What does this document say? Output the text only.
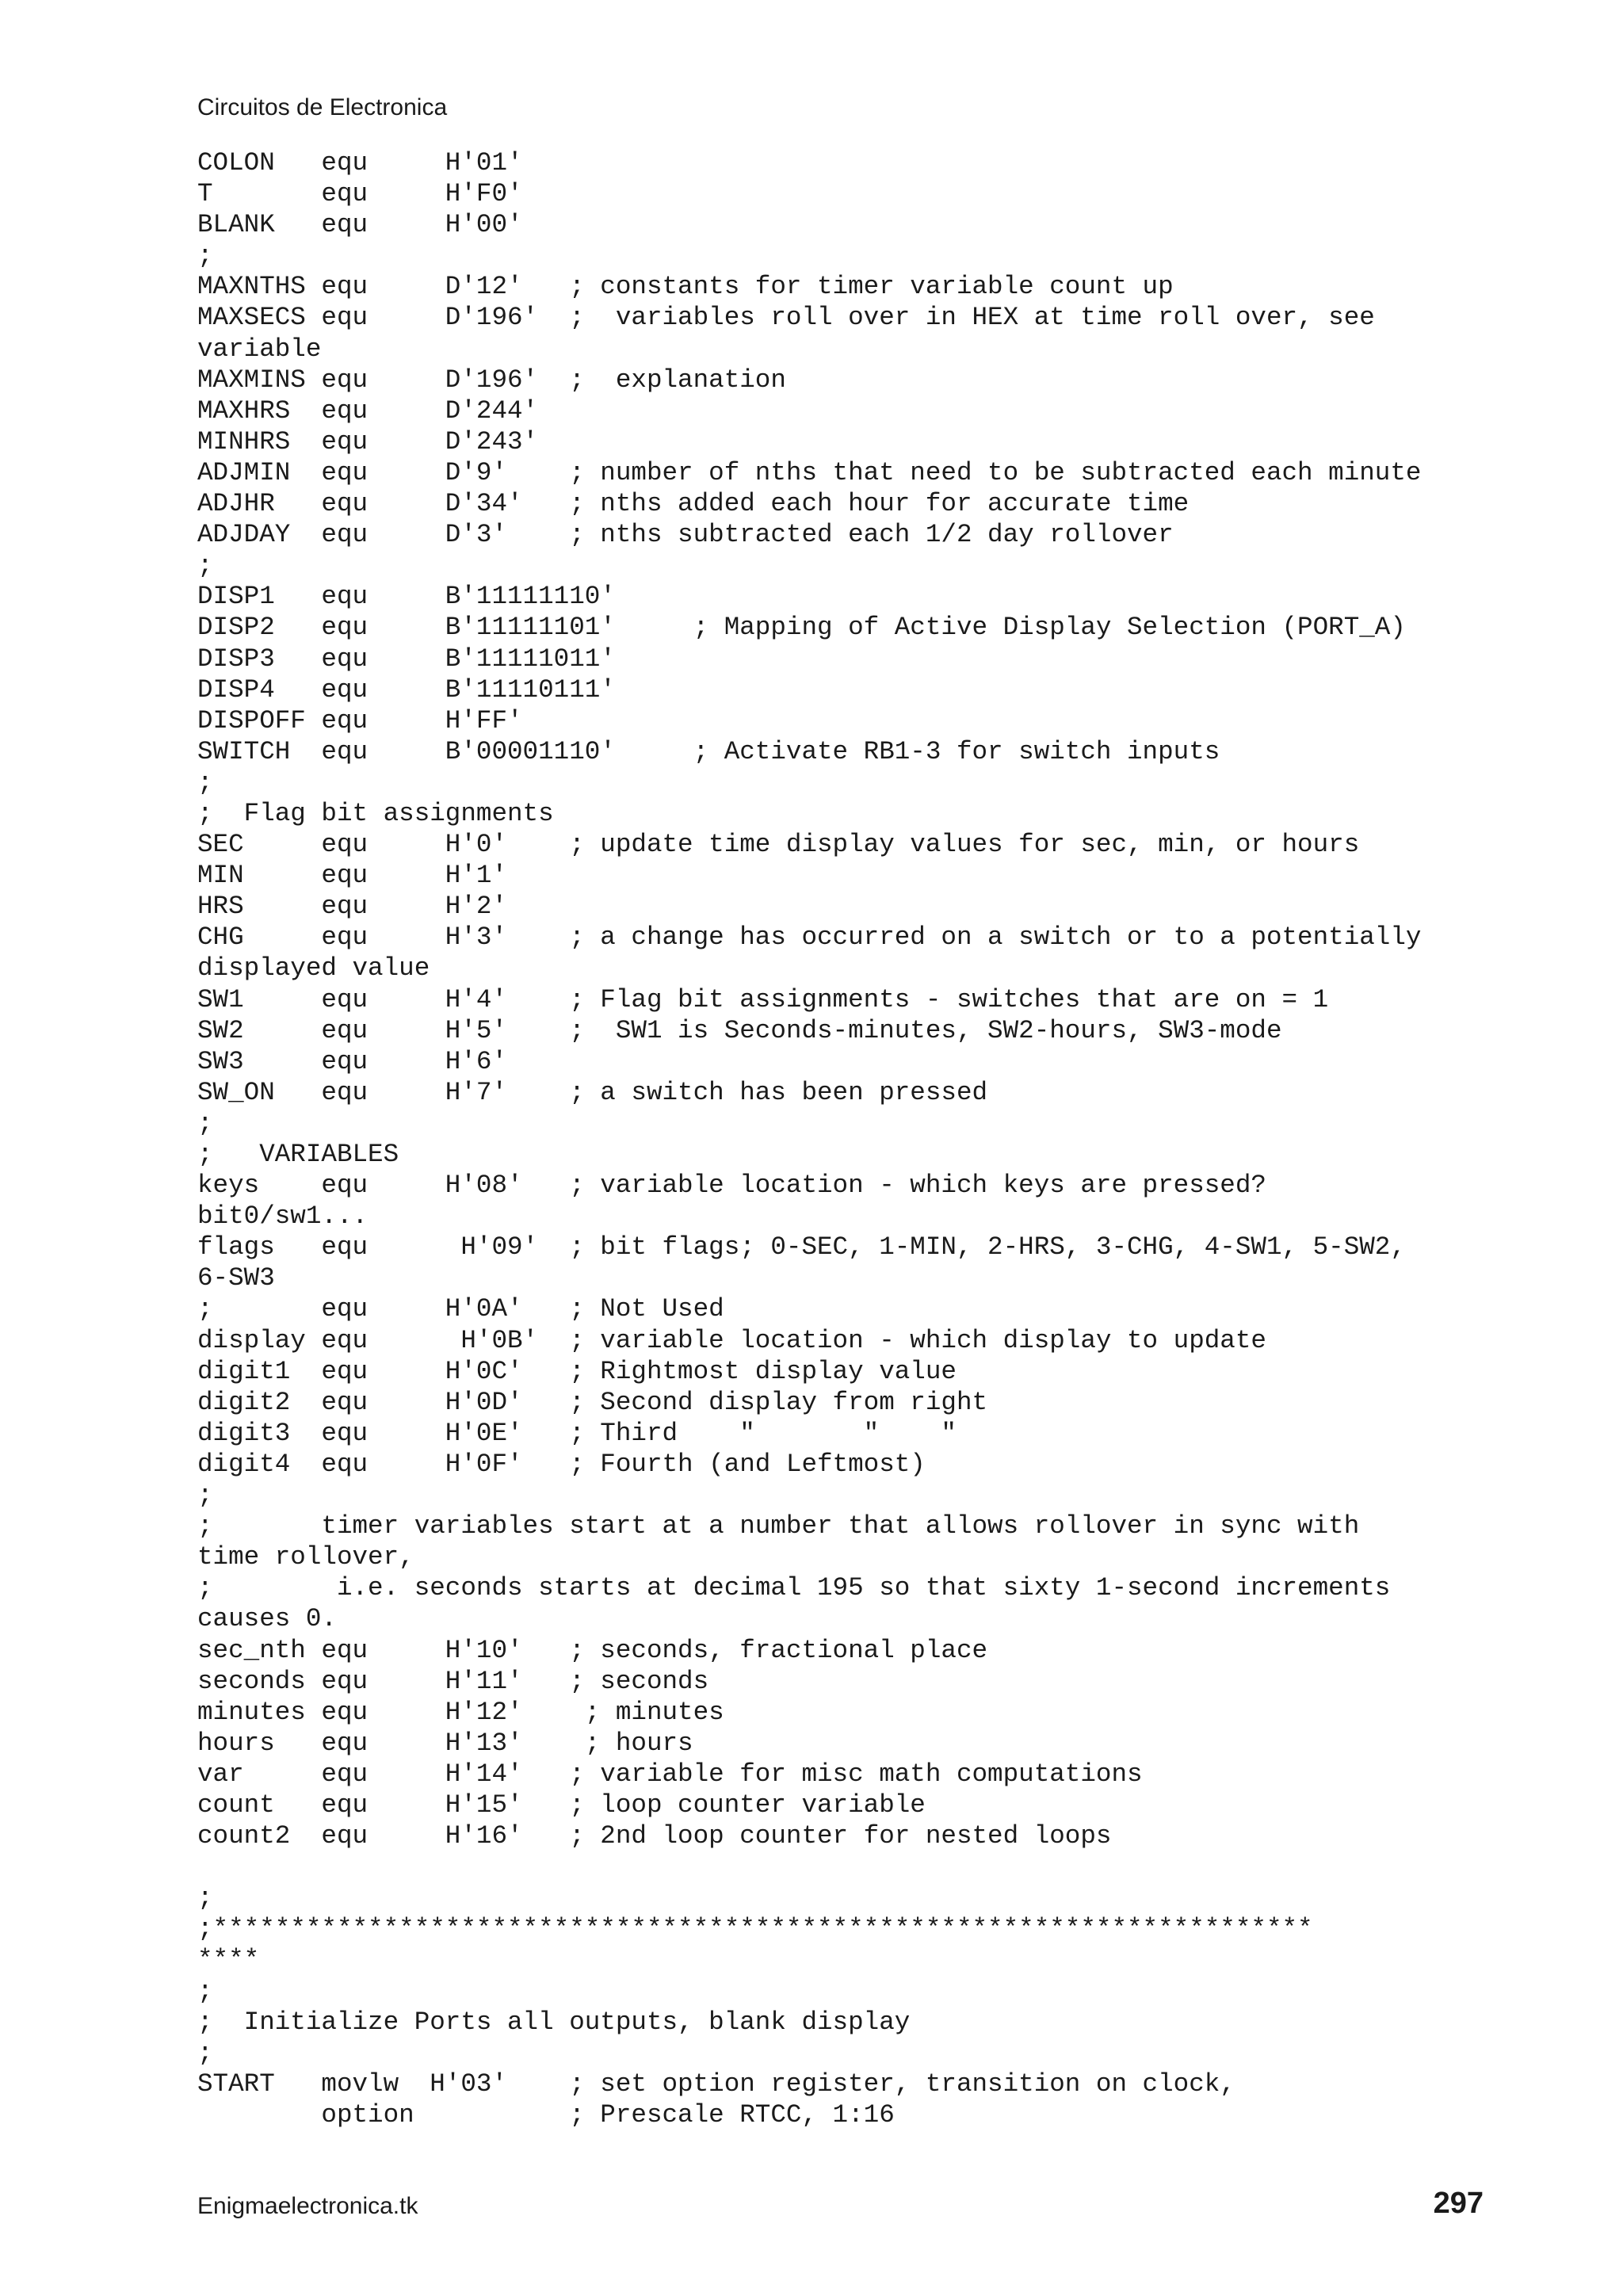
Circuitos de Electronica
COLON   equ     H'01'
T       equ     H'F0'
BLANK   equ     H'00'
;
MAXNTHS equ     D'12'   ; constants for timer variable count up
MAXSECS equ     D'196'  ;  variables roll over in HEX at time roll over, see
variable
MAXMINS equ     D'196'  ;  explanation
MAXHRS  equ     D'244'
MINHRS  equ     D'243'
ADJMIN  equ     D'9'    ; number of nths that need to be subtracted each minute
ADJHR   equ     D'34'   ; nths added each hour for accurate time
ADJDAY  equ     D'3'    ; nths subtracted each 1/2 day rollover
;
DISP1   equ     B'11111110'
DISP2   equ     B'11111101'     ; Mapping of Active Display Selection (PORT_A)
DISP3   equ     B'11111011'
DISP4   equ     B'11110111'
DISPOFF equ     H'FF'
SWITCH  equ     B'00001110'     ; Activate RB1-3 for switch inputs
;
;  Flag bit assignments
SEC     equ     H'0'    ; update time display values for sec, min, or hours
MIN     equ     H'1'
HRS     equ     H'2'
CHG     equ     H'3'    ; a change has occurred on a switch or to a potentially
displayed value
SW1     equ     H'4'    ; Flag bit assignments - switches that are on = 1
SW2     equ     H'5'    ;  SW1 is Seconds-minutes, SW2-hours, SW3-mode
SW3     equ     H'6'
SW_ON   equ     H'7'    ; a switch has been pressed
;
;   VARIABLES
keys    equ     H'08'   ; variable location - which keys are pressed?
bit0/sw1...
flags   equ      H'09'  ; bit flags; 0-SEC, 1-MIN, 2-HRS, 3-CHG, 4-SW1, 5-SW2,
6-SW3
;       equ     H'0A'   ; Not Used
display equ      H'0B'  ; variable location - which display to update
digit1  equ     H'0C'   ; Rightmost display value
digit2  equ     H'0D'   ; Second display from right
digit3  equ     H'0E'   ; Third    "       "    "
digit4  equ     H'0F'   ; Fourth (and Leftmost)
;
;       timer variables start at a number that allows rollover in sync with
time rollover,
;        i.e. seconds starts at decimal 195 so that sixty 1-second increments
causes 0.
sec_nth equ     H'10'   ; seconds, fractional place
seconds equ     H'11'   ; seconds
minutes equ     H'12'    ; minutes
hours   equ     H'13'    ; hours
var     equ     H'14'   ; variable for misc math computations
count   equ     H'15'   ; loop counter variable
count2  equ     H'16'   ; 2nd loop counter for nested loops
;
;***********************************************************************
****
;
;  Initialize Ports all outputs, blank display
;
START   movlw  H'03'    ; set option register, transition on clock,
option          ; Prescale RTCC, 1:16
Enigmaelectronica.tk	297
